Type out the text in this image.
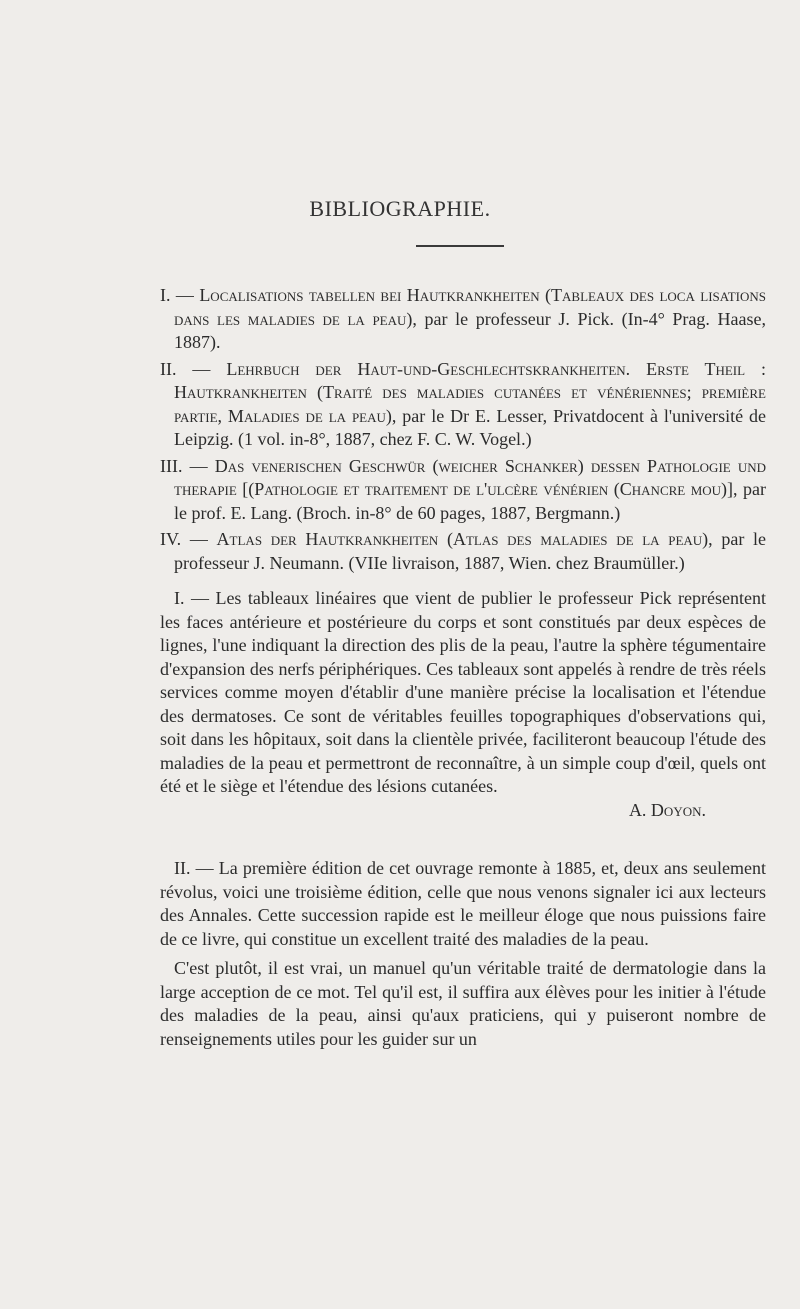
BIBLIOGRAPHIE.

I. — Localisations tabellen bei Hautkrankheiten (Tableaux des loca lisations dans les maladies de la peau), par le professeur J. Pick. (In-4° Prag. Haase, 1887).

II. — Lehrbuch der Haut-und-Geschlechtskrankheiten. Erste Theil : Hautkrankheiten (Traité des maladies cutanées et vénériennes; première partie, Maladies de la peau), par le Dr E. Lesser, Privatdocent à l'université de Leipzig. (1 vol. in-8°, 1887, chez F. C. W. Vogel.)

III. — Das venerischen Geschwür (weicher Schanker) dessen Pathologie und therapie [(Pathologie et traitement de l'ulcère vénérien (Chancre mou)], par le prof. E. Lang. (Broch. in-8° de 60 pages, 1887, Bergmann.)

IV. — Atlas der Hautkrankheiten (Atlas des maladies de la peau), par le professeur J. Neumann. (VIIe livraison, 1887, Wien. chez Braumüller.)

I. — Les tableaux linéaires que vient de publier le professeur Pick représentent les faces antérieure et postérieure du corps et sont constitués par deux espèces de lignes, l'une indiquant la direction des plis de la peau, l'autre la sphère tégumentaire d'expansion des nerfs périphériques. Ces tableaux sont appelés à rendre de très réels services comme moyen d'établir d'une manière précise la localisation et l'étendue des dermatoses. Ce sont de véritables feuilles topographiques d'observations qui, soit dans les hôpitaux, soit dans la clientèle privée, faciliteront beaucoup l'étude des maladies de la peau et permettront de reconnaître, à un simple coup d'œil, quels ont été et le siège et l'étendue des lésions cutanées.

A. Doyon.

II. — La première édition de cet ouvrage remonte à 1885, et, deux ans seulement révolus, voici une troisième édition, celle que nous venons signaler ici aux lecteurs des Annales. Cette succession rapide est le meilleur éloge que nous puissions faire de ce livre, qui constitue un excellent traité des maladies de la peau.

C'est plutôt, il est vrai, un manuel qu'un véritable traité de dermatologie dans la large acception de ce mot. Tel qu'il est, il suffira aux élèves pour les initier à l'étude des maladies de la peau, ainsi qu'aux praticiens, qui y puiseront nombre de renseignements utiles pour les guider sur un
